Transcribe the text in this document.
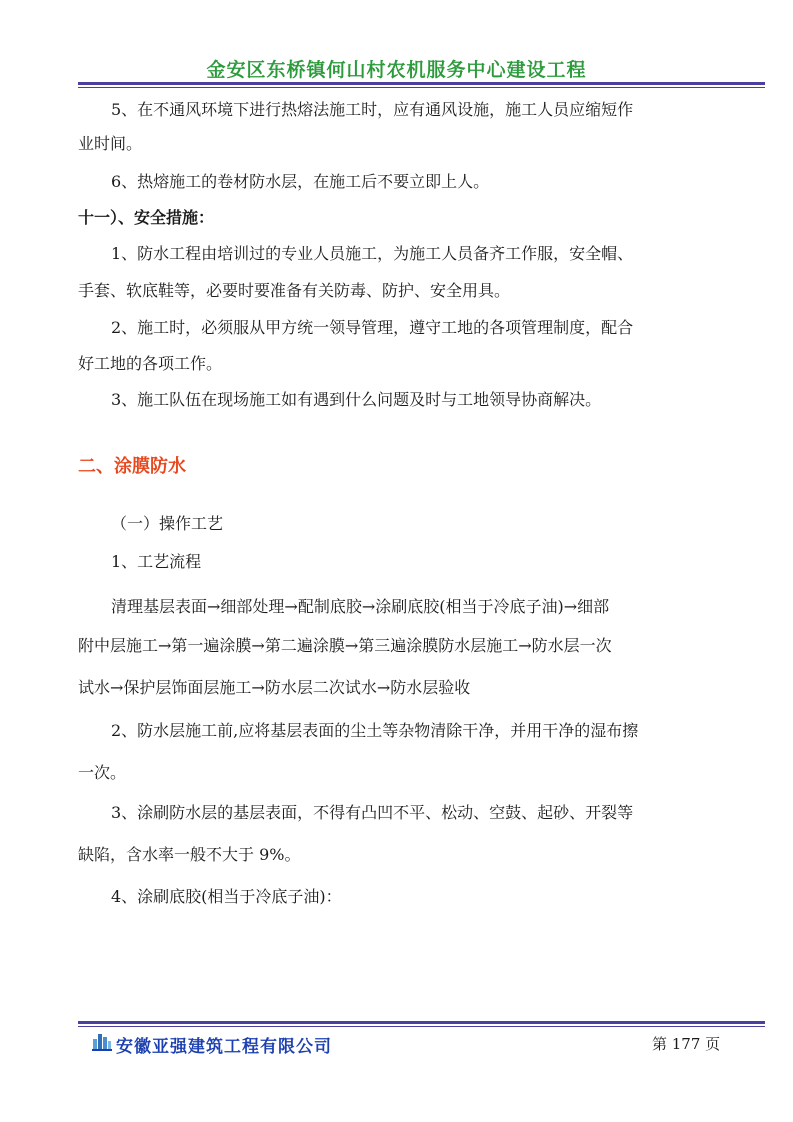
金安区东桥镇何山村农机服务中心建设工程
5、在不通风环境下进行热熔法施工时，应有通风设施，施工人员应缩短作
业时间。
6、热熔施工的卷材防水层，在施工后不要立即上人。
十一）、安全措施：
1、防水工程由培训过的专业人员施工，为施工人员备齐工作服，安全帽、
手套、软底鞋等，必要时要准备有关防毒、防护、安全用具。
2、施工时，必须服从甲方统一领导管理，遵守工地的各项管理制度，配合
好工地的各项工作。
3、施工队伍在现场施工如有遇到什么问题及时与工地领导协商解决。
二、涂膜防水
（一）操作工艺
1、工艺流程
清理基层表面→细部处理→配制底胶→涂刷底胶(相当于冷底子油)→细部
附中层施工→第一遍涂膜→第二遍涂膜→第三遍涂膜防水层施工→防水层一次
试水→保护层饰面层施工→防水层二次试水→防水层验收
2、防水层施工前,应将基层表面的尘土等杂物清除干净，并用干净的湿布擦
一次。
3、涂刷防水层的基层表面，不得有凸凹不平、松动、空鼓、起砂、开裂等
缺陷，含水率一般不大于 9%。
4、涂刷底胶(相当于冷底子油)：
安徽亚强建筑工程有限公司	第 177 页
